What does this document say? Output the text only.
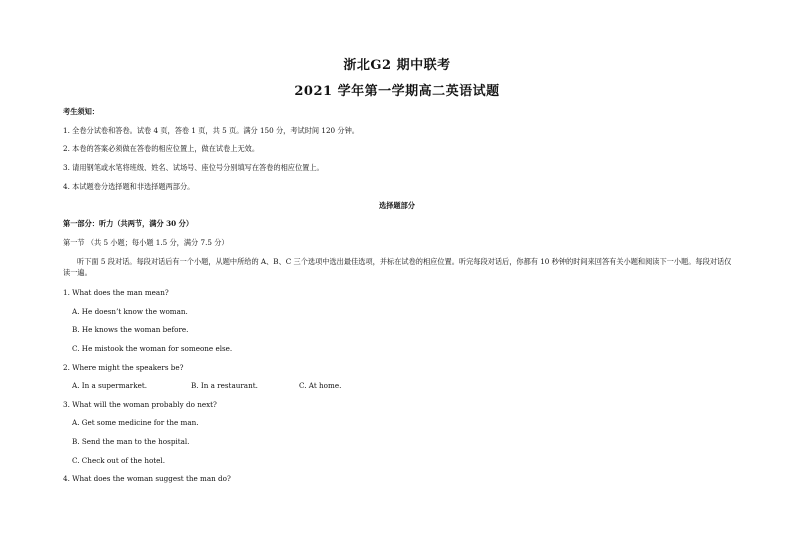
浙北G2 期中联考
2021 学年第一学期高二英语试题
考生须知：
1. 全卷分试卷和答卷。试卷 4 页，答卷 1 页，共 5 页。满分 150 分，考试时间 120 分钟。
2. 本卷的答案必须做在答卷的相应位置上，做在试卷上无效。
3. 请用钢笔或水笔将班级、姓名、试场号、座位号分别填写在答卷的相应位置上。
4. 本试题卷分选择题和非选择题两部分。
选择题部分
第一部分：听力（共两节，满分 30 分）
第一节 （共 5 小题；每小题 1.5 分，满分 7.5 分）
听下面 5 段对话。每段对话后有一个小题，从题中所给的 A、B、C 三个选项中选出最佳选项，并标在试卷的相应位置。听完每段对话后，你都有 10 秒钟的时间来回答有关小题和阅读下一小题。每段对话仅读一遍。
1. What does the man mean?
A. He doesn’t know the woman.
B. He knows the woman before.
C. He mistook the woman for someone else.
2. Where might the speakers be?
A. In a supermarket.	B. In a restaurant.	C. At home.
3. What will the woman probably do next?
A. Get some medicine for the man.
B. Send the man to the hospital.
C. Check out of the hotel.
4. What does the woman suggest the man do?
